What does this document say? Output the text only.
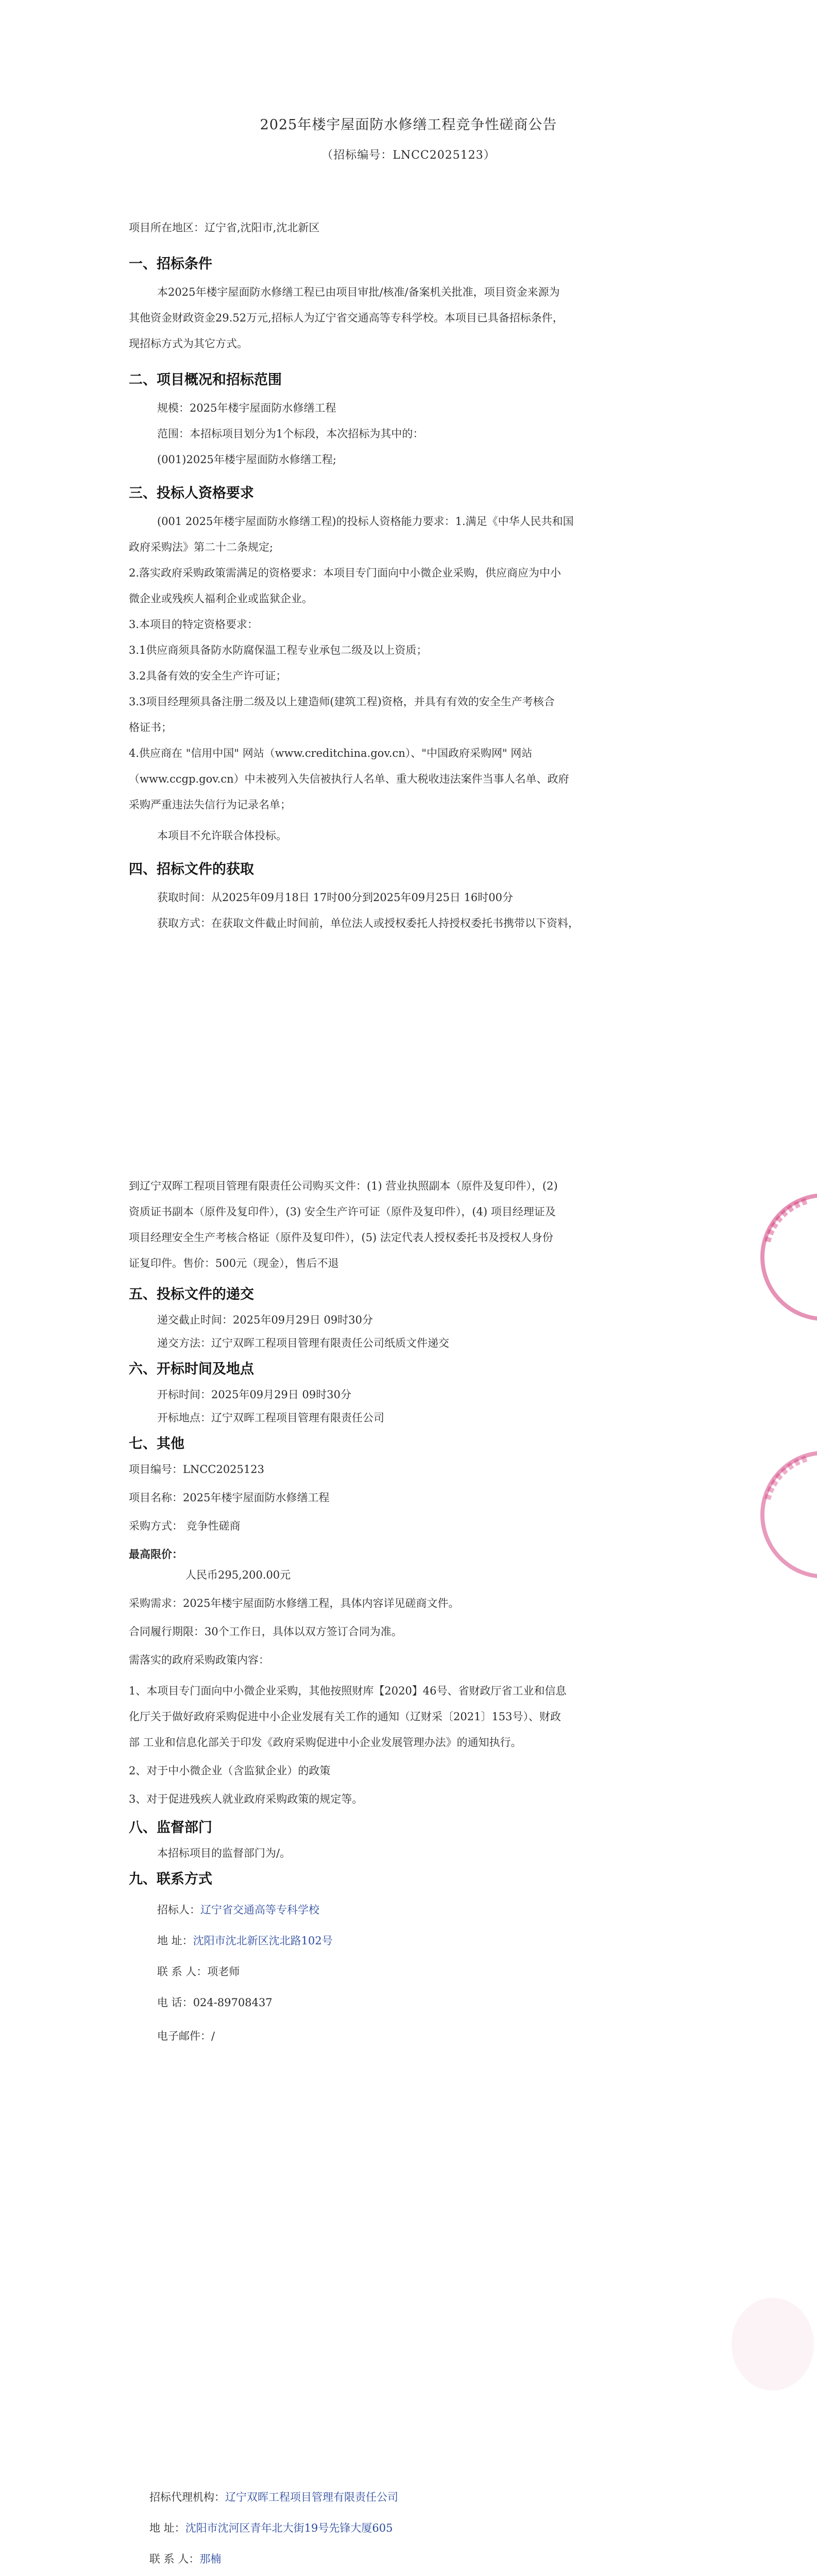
2025年楼宇屋面防水修缮工程竞争性磋商公告
（招标编号：LNCC2025123）
项目所在地区：辽宁省,沈阳市,沈北新区
一、招标条件
本2025年楼宇屋面防水修缮工程已由项目审批/核准/备案机关批准，项目资金来源为
其他资金财政资金29.52万元,招标人为辽宁省交通高等专科学校。本项目已具备招标条件，
现招标方式为其它方式。
二、项目概况和招标范围
规模：2025年楼宇屋面防水修缮工程
范围：本招标项目划分为1个标段，本次招标为其中的：
(001)2025年楼宇屋面防水修缮工程;
三、投标人资格要求
(001 2025年楼宇屋面防水修缮工程)的投标人资格能力要求：1.满足《中华人民共和国
政府采购法》第二十二条规定;
2.落实政府采购政策需满足的资格要求：本项目专门面向中小微企业采购，供应商应为中小
微企业或残疾人福利企业或监狱企业。
3.本项目的特定资格要求：
3.1供应商须具备防水防腐保温工程专业承包二级及以上资质；
3.2具备有效的安全生产许可证；
3.3项目经理须具备注册二级及以上建造师(建筑工程)资格，并具有有效的安全生产考核合
格证书；
4.供应商在 "信用中国" 网站（www.creditchina.gov.cn）、"中国政府采购网" 网站
（www.ccgp.gov.cn）中未被列入失信被执行人名单、重大税收违法案件当事人名单、政府
采购严重违法失信行为记录名单；
本项目不允许联合体投标。
四、招标文件的获取
获取时间：从2025年09月18日 17时00分到2025年09月25日 16时00分
获取方式：在获取文件截止时间前，单位法人或授权委托人持授权委托书携带以下资料，
到辽宁双晖工程项目管理有限责任公司购买文件：(1) 营业执照副本（原件及复印件），(2)
资质证书副本（原件及复印件），(3) 安全生产许可证（原件及复印件），(4) 项目经理证及
项目经理安全生产考核合格证（原件及复印件），(5) 法定代表人授权委托书及授权人身份
证复印件。售价：500元（现金），售后不退
五、投标文件的递交
递交截止时间：2025年09月29日 09时30分
递交方法：辽宁双晖工程项目管理有限责任公司纸质文件递交
六、开标时间及地点
开标时间：2025年09月29日 09时30分
开标地点：辽宁双晖工程项目管理有限责任公司
七、其他
项目编号：LNCC2025123
项目名称：2025年楼宇屋面防水修缮工程
采购方式： 竞争性磋商
最高限价：
人民币295,200.00元
采购需求：2025年楼宇屋面防水修缮工程，具体内容详见磋商文件。
合同履行期限：30个工作日，具体以双方签订合同为准。
需落实的政府采购政策内容：
1、本项目专门面向中小微企业采购，其他按照财库【2020】46号、省财政厅省工业和信息
化厅关于做好政府采购促进中小企业发展有关工作的通知（辽财采〔2021〕153号）、财政
部 工业和信息化部关于印发《政府采购促进中小企业发展管理办法》的通知执行。
2、对于中小微企业（含监狱企业）的政策
3、对于促进残疾人就业政府采购政策的规定等。
八、监督部门
本招标项目的监督部门为/。
九、联系方式
招标人：辽宁省交通高等专科学校
地 址：沈阳市沈北新区沈北路102号
联 系 人：项老师
电 话：024-89708437
电子邮件：/
招标代理机构：辽宁双晖工程项目管理有限责任公司
地 址：沈阳市沈河区青年北大街19号先锋大厦605
联 系 人：那楠
